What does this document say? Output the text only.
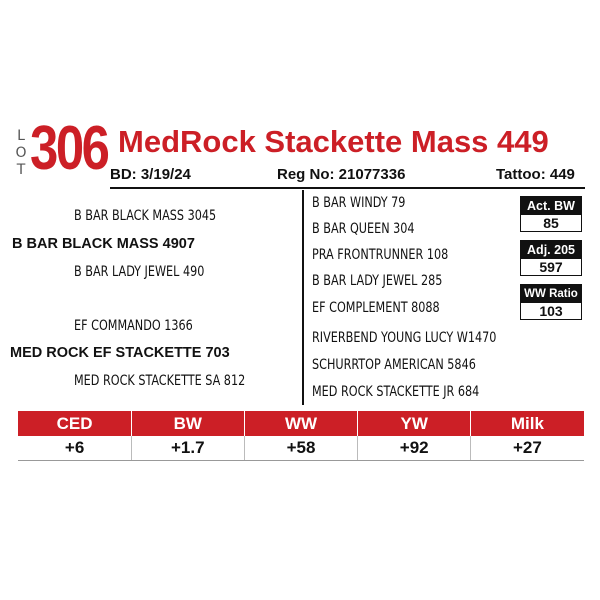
L
O
T 306 MedRock Stackette Mass 449
BD: 3/19/24	Reg No: 21077336	Tattoo: 449
B BAR BLACK MASS 3045
B BAR BLACK MASS 4907
B BAR LADY JEWEL 490
EF COMMANDO 1366
MED ROCK EF STACKETTE 703
MED ROCK STACKETTE SA 812
B BAR WINDY 79
B BAR QUEEN 304
PRA FRONTRUNNER 108
B BAR LADY JEWEL 285
EF COMPLEMENT 8088
RIVERBEND YOUNG LUCY W1470
SCHURRTOP AMERICAN 5846
MED ROCK STACKETTE JR 684
Act. BW
85
Adj. 205
597
WW Ratio
103
CED	BW	WW	YW	Milk
+6	+1.7	+58	+92	+27
